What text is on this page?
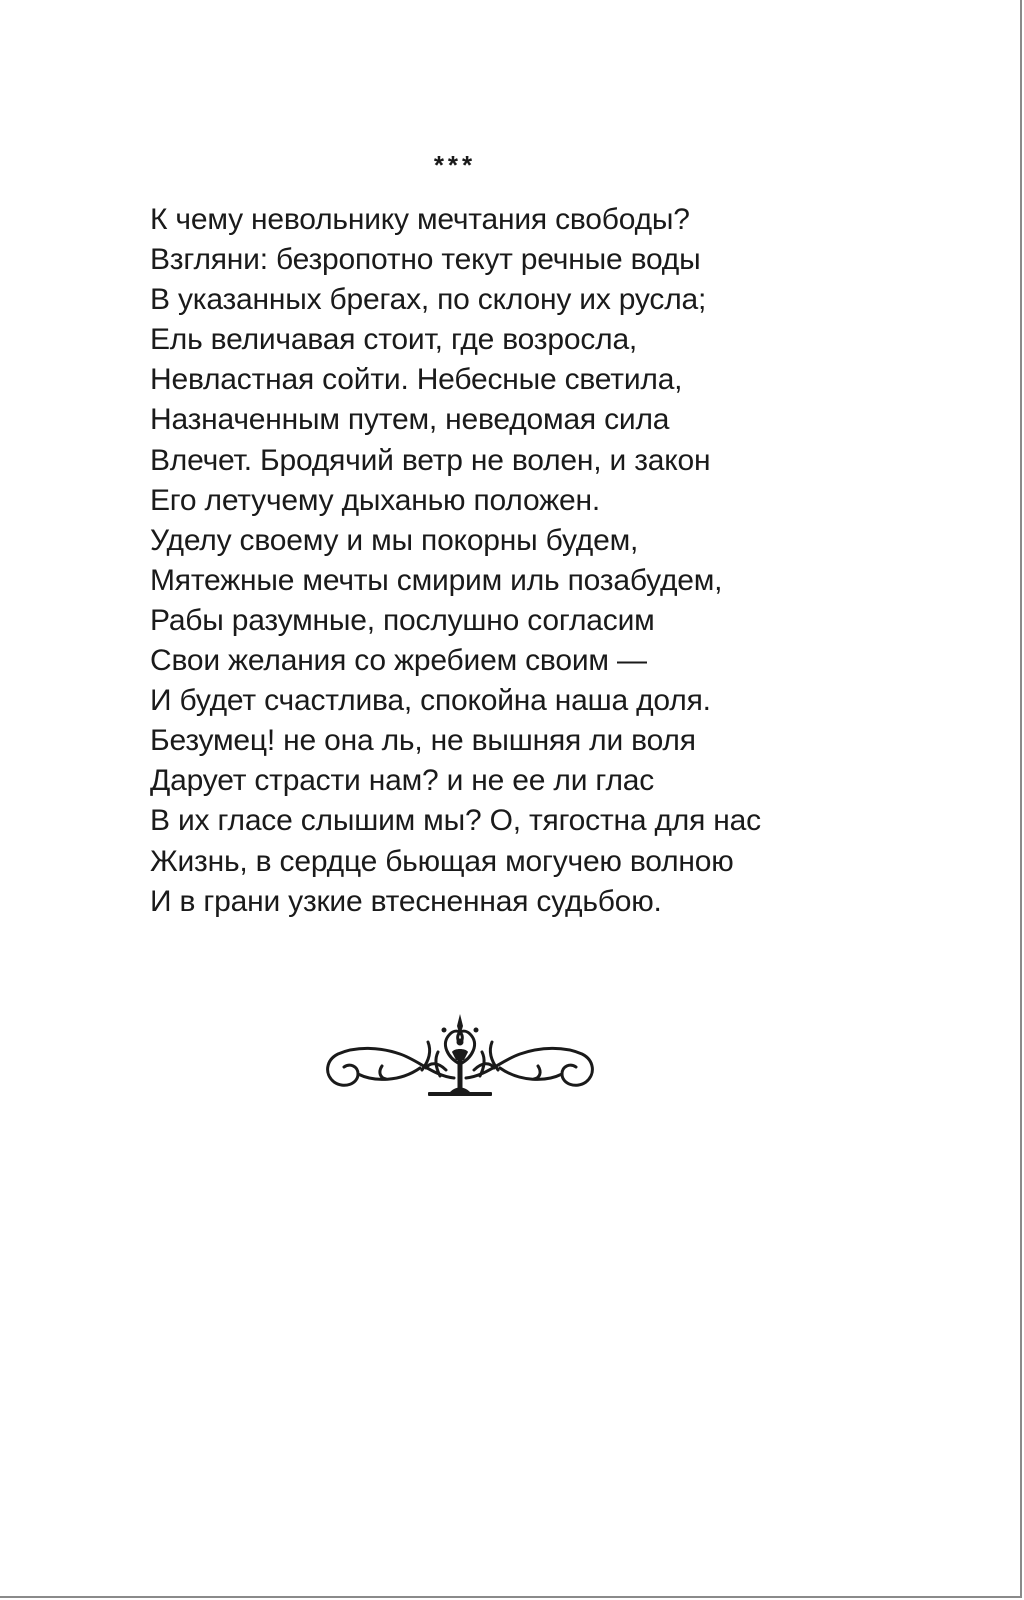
***
К чему невольнику мечтания свободы?
Взгляни: безропотно текут речные воды
В указанных брегах, по склону их русла;
Ель величавая стоит, где возросла,
Невластная сойти. Небесные светила,
Назначенным путем, неведомая сила
Влечет. Бродячий ветр не волен, и закон
Его летучему дыханью положен.
Уделу своему и мы покорны будем,
Мятежные мечты смирим иль позабудем,
Рабы разумные, послушно согласим
Свои желания со жребием своим —
И будет счастлива, спокойна наша доля.
Безумец! не она ль, не вышняя ли воля
Дарует страсти нам? и не ее ли глас
В их гласе слышим мы? О, тягостна для нас
Жизнь, в сердце бьющая могучею волною
И в грани узкие втесненная судьбою.
